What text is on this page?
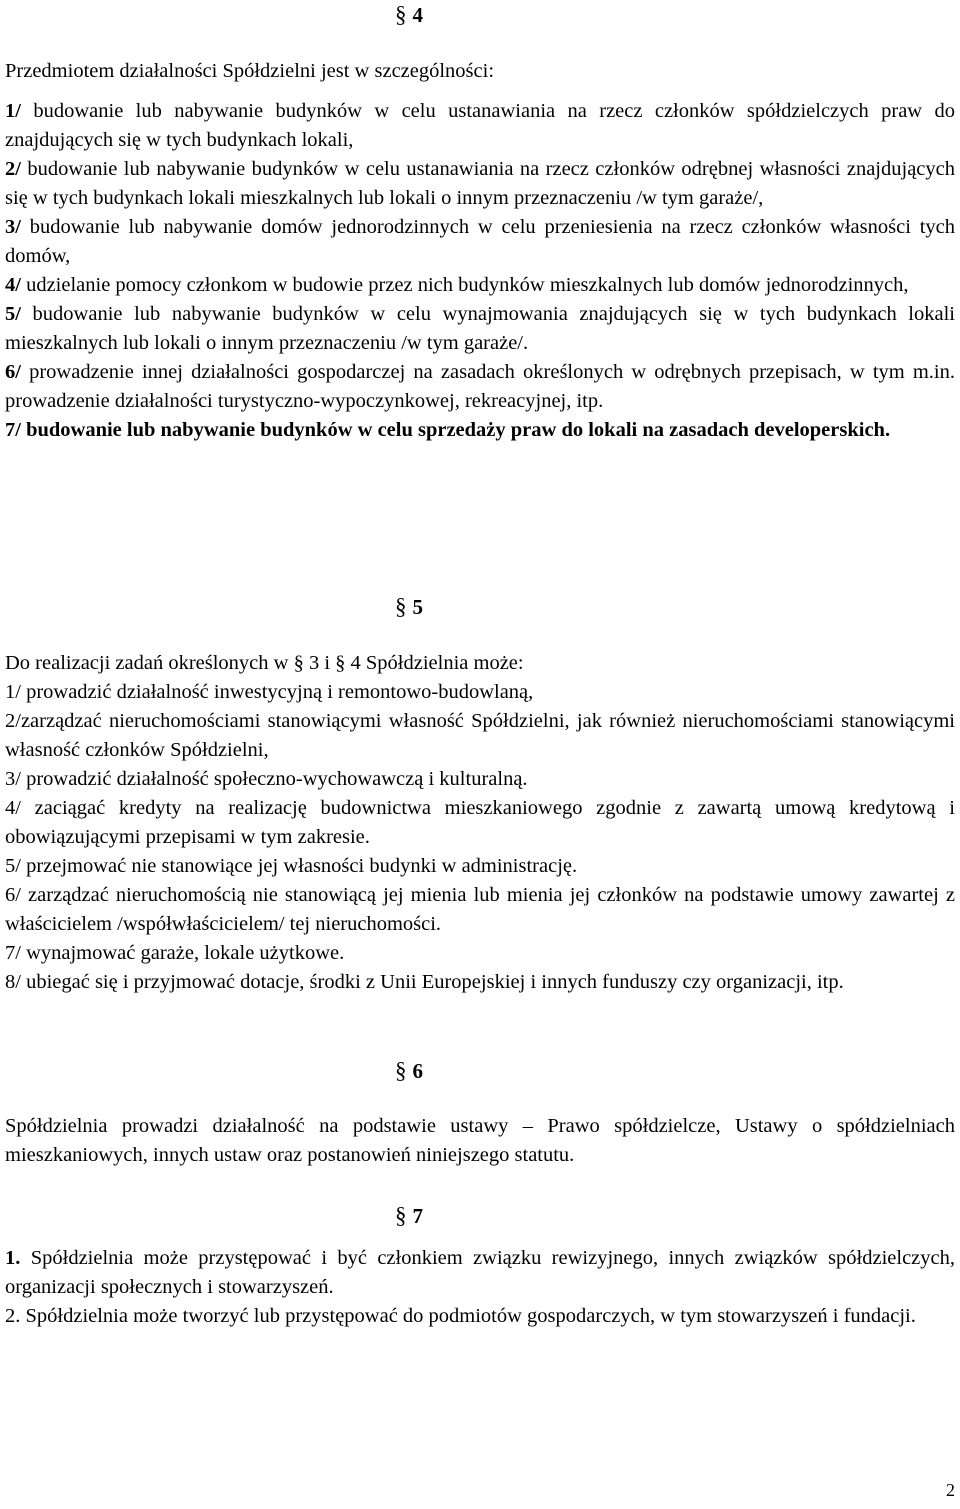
§ 4

Przedmiotem działalności Spółdzielni jest w szczególności:

1/ budowanie lub nabywanie budynków w celu ustanawiania na rzecz członków spółdzielczych praw do znajdujących się w tych budynkach lokali,

2/ budowanie lub nabywanie budynków w celu ustanawiania na rzecz członków odrębnej własności znajdujących się w tych budynkach lokali mieszkalnych lub lokali o innym przeznaczeniu /w tym garaże/,

3/ budowanie lub nabywanie domów jednorodzinnych w celu przeniesienia na rzecz członków własności tych domów,

4/ udzielanie pomocy członkom w budowie przez nich budynków mieszkalnych lub domów jednorodzinnych,

5/ budowanie lub nabywanie budynków w celu wynajmowania znajdujących się w tych budynkach lokali mieszkalnych lub lokali o innym przeznaczeniu /w tym garaże/.

6/ prowadzenie innej działalności gospodarczej na zasadach określonych w odrębnych przepisach, w tym m.in. prowadzenie działalności turystyczno-wypoczynkowej, rekreacyjnej, itp.

7/ budowanie lub nabywanie budynków w celu sprzedaży praw do lokali na zasadach developerskich.

§ 5

Do realizacji zadań określonych w § 3 i § 4 Spółdzielnia może:

1/ prowadzić działalność inwestycyjną i remontowo-budowlaną,

2/zarządzać nieruchomościami stanowiącymi własność Spółdzielni, jak również nieruchomościami stanowiącymi własność członków Spółdzielni,

3/ prowadzić działalność społeczno-wychowawczą i kulturalną.

4/ zaciągać kredyty na realizację budownictwa mieszkaniowego zgodnie z zawartą umową kredytową i obowiązującymi przepisami w tym zakresie.

5/ przejmować nie stanowiące jej własności budynki w administrację.

6/ zarządzać nieruchomością nie stanowiącą jej mienia lub mienia jej członków na podstawie umowy zawartej z właścicielem /współwłaścicielem/ tej nieruchomości.

7/ wynajmować garaże, lokale użytkowe.

8/ ubiegać się i przyjmować dotacje, środki z Unii Europejskiej i innych funduszy czy organizacji, itp.

§ 6

Spółdzielnia prowadzi działalność na podstawie ustawy – Prawo spółdzielcze, Ustawy o spółdzielniach mieszkaniowych, innych ustaw oraz postanowień niniejszego statutu.

§ 7

1. Spółdzielnia może przystępować i być członkiem związku rewizyjnego, innych związków spółdzielczych, organizacji społecznych i stowarzyszeń.

2. Spółdzielnia może tworzyć lub przystępować do podmiotów gospodarczych, w tym stowarzyszeń i fundacji.

2
